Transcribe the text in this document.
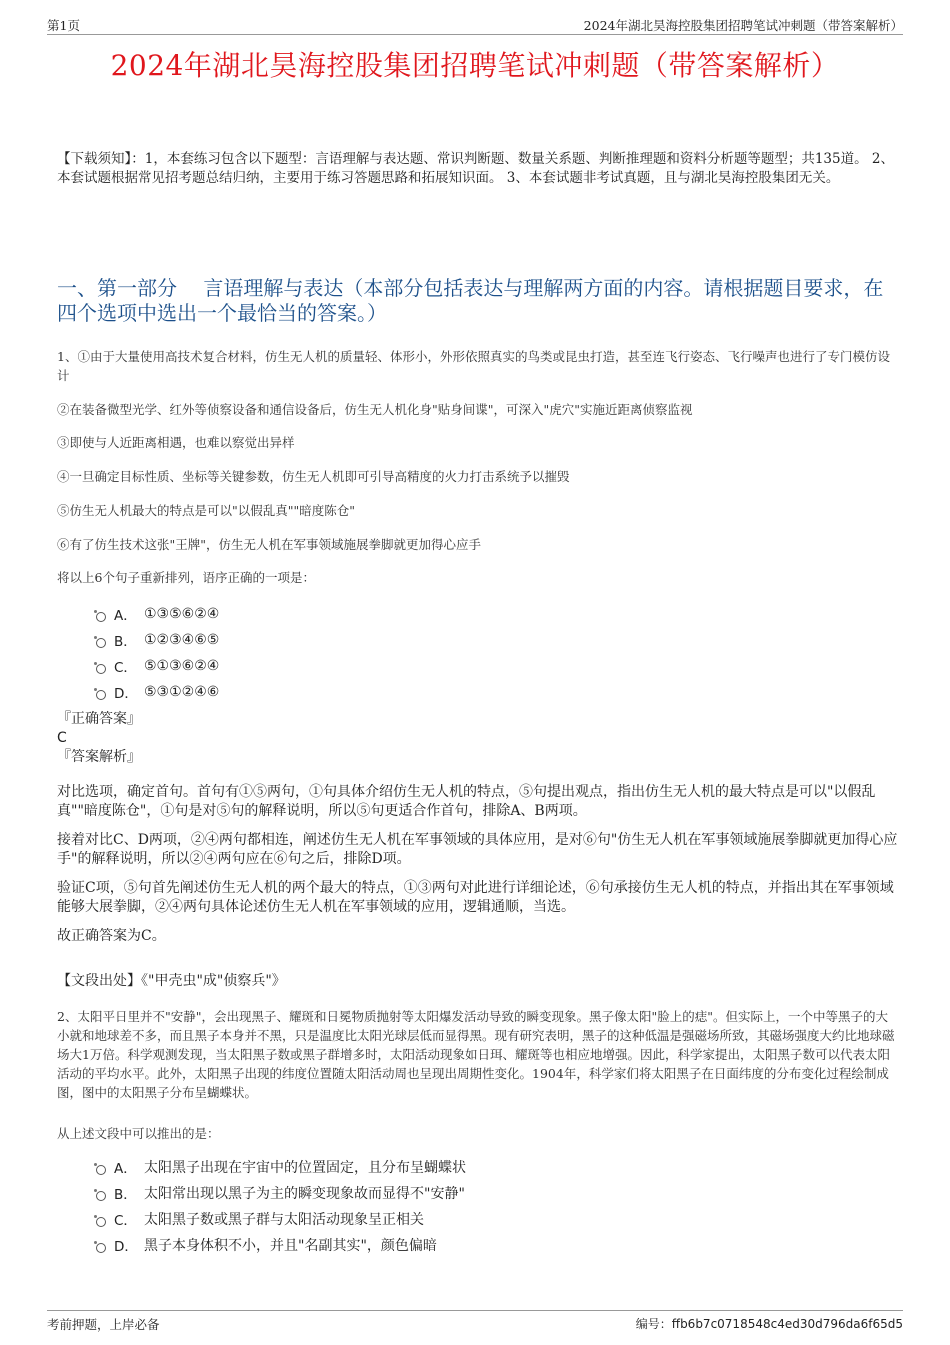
第1页	2024年湖北昊海控股集团招聘笔试冲刺题（带答案解析）
2024年湖北昊海控股集团招聘笔试冲刺题（带答案解析）
【下载须知】：1，本套练习包含以下题型：言语理解与表达题、常识判断题、数量关系题、判断推理题和资料分析题等题型；共135道。 2、本套试题根据常见招考题总结归纳，主要用于练习答题思路和拓展知识面。 3、本套试题非考试真题，且与湖北昊海控股集团无关。
一、第一部分　 言语理解与表达（本部分包括表达与理解两方面的内容。请根据题目要求，在四个选项中选出一个最恰当的答案。）
1、①由于大量使用高技术复合材料，仿生无人机的质量轻、体形小，外形依照真实的鸟类或昆虫打造，甚至连飞行姿态、飞行噪声也进行了专门模仿设计
②在装备微型光学、红外等侦察设备和通信设备后，仿生无人机化身"贴身间谍"，可深入"虎穴"实施近距离侦察监视
③即使与人近距离相遇，也难以察觉出异样
④一旦确定目标性质、坐标等关键参数，仿生无人机即可引导高精度的火力打击系统予以摧毁
⑤仿生无人机最大的特点是可以"以假乱真""暗度陈仓"
⑥有了仿生技术这张"王牌"，仿生无人机在军事领域施展拳脚就更加得心应手
将以上6个句子重新排列，语序正确的一项是：
A． ①③⑤⑥②④
B． ①②③④⑥⑤
C． ⑤①③⑥②④
D． ⑤③①②④⑥
『正确答案』
C
『答案解析』

对比选项，确定首句。首句有①⑤两句，①句具体介绍仿生无人机的特点，⑤句提出观点，指出仿生无人机的最大特点是可以"以假乱真""暗度陈仓"，①句是对⑤句的解释说明，所以⑤句更适合作首句，排除A、B两项。

接着对比C、D两项，②④两句都相连，阐述仿生无人机在军事领域的具体应用，是对⑥句"仿生无人机在军事领域施展拳脚就更加得心应手"的解释说明，所以②④两句应在⑥句之后，排除D项。

验证C项，⑤句首先阐述仿生无人机的两个最大的特点，①③两句对此进行详细论述，⑥句承接仿生无人机的特点，并指出其在军事领域能够大展拳脚，②④两句具体论述仿生无人机在军事领域的应用，逻辑通顺，当选。

故正确答案为C。

【文段出处】《"甲壳虫"成"侦察兵"》
2、太阳平日里并不"安静"，会出现黑子、耀斑和日冕物质抛射等太阳爆发活动导致的瞬变现象。黑子像太阳"脸上的痣"。但实际上，一个中等黑子的大小就和地球差不多，而且黑子本身并不黑，只是温度比太阳光球层低而显得黑。现有研究表明，黑子的这种低温是强磁场所致，其磁场强度大约比地球磁场大1万倍。科学观测发现，当太阳黑子数或黑子群增多时，太阳活动现象如日珥、耀斑等也相应地增强。因此，科学家提出，太阳黑子数可以代表太阳活动的平均水平。此外，太阳黑子出现的纬度位置随太阳活动周也呈现出周期性变化。1904年，科学家们将太阳黑子在日面纬度的分布变化过程绘制成图，图中的太阳黑子分布呈蝴蝶状。
从上述文段中可以推出的是：
A． 太阳黑子出现在宇宙中的位置固定，且分布呈蝴蝶状
B． 太阳常出现以黑子为主的瞬变现象故而显得不"安静"
C． 太阳黑子数或黑子群与太阳活动现象呈正相关
D． 黑子本身体积不小，并且"名副其实"，颜色偏暗
考前押题，上岸必备	编号：ffb6b7c0718548c4ed30d796da6f65d5
